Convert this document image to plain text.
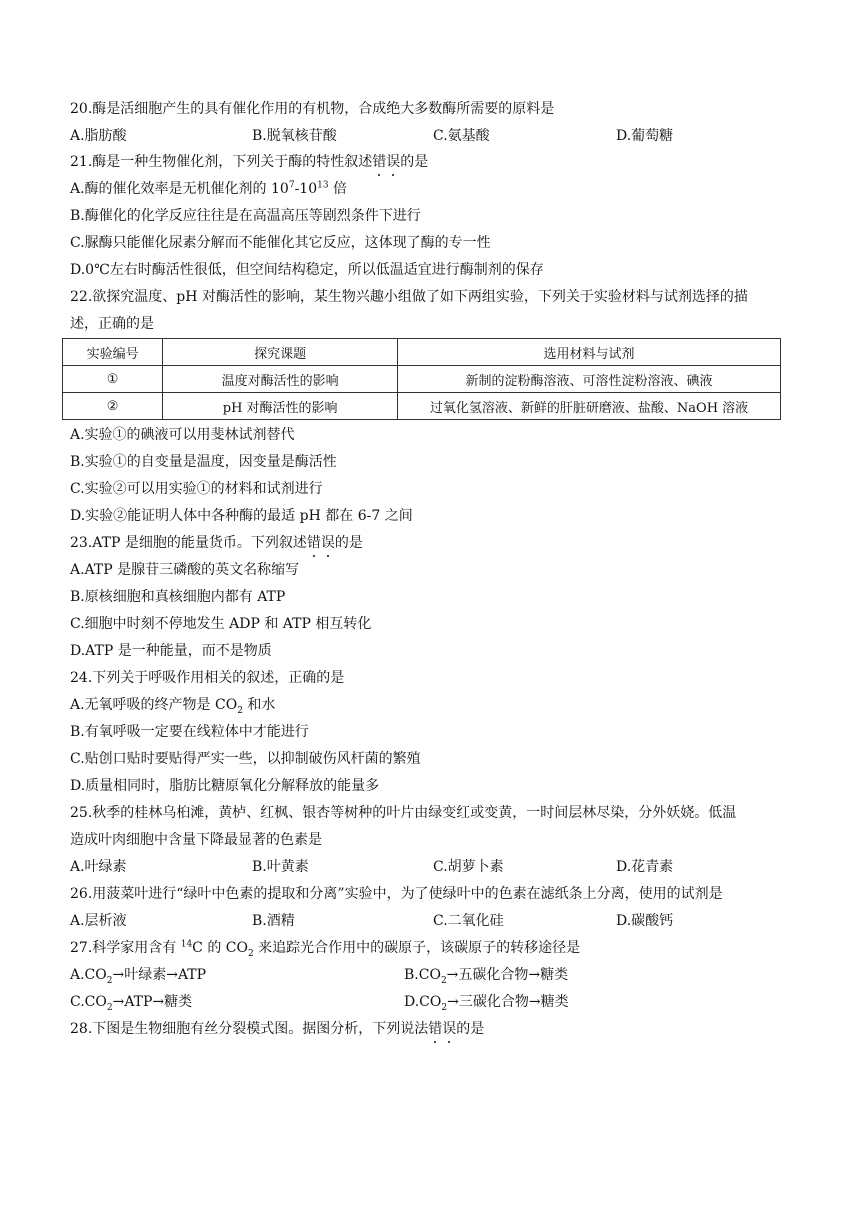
20.酶是活细胞产生的具有催化作用的有机物，合成绝大多数酶所需要的原料是
A.脂肪酸	B.脱氧核苷酸	C.氨基酸	D.葡萄糖
21.酶是一种生物催化剂，下列关于酶的特性叙述错误的是
A.酶的催化效率是无机催化剂的 $10^7-10^{13}$ 倍
B.酶催化的化学反应往往是在高温高压等剧烈条件下进行
C.脲酶只能催化尿素分解而不能催化其它反应，这体现了酶的专一性
D.0℃左右时酶活性很低，但空间结构稳定，所以低温适宜进行酶制剂的保存
22.欲探究温度、pH 对酶活性的影响，某生物兴趣小组做了如下两组实验，下列关于实验材料与试剂选择的描
述，正确的是
实验编号	探究课题	选用材料与试剂
①	温度对酶活性的影响	新制的淀粉酶溶液、可溶性淀粉溶液、碘液
②	pH 对酶活性的影响	过氧化氢溶液、新鲜的肝脏研磨液、盐酸、NaOH 溶液
A.实验①的碘液可以用斐林试剂替代
B.实验①的自变量是温度，因变量是酶活性
C.实验②可以用实验①的材料和试剂进行
D.实验②能证明人体中各种酶的最适 pH 都在 6-7 之间
23.ATP 是细胞的能量货币。下列叙述错误的是
A.ATP 是腺苷三磷酸的英文名称缩写
B.原核细胞和真核细胞内都有 ATP
C.细胞中时刻不停地发生 ADP 和 ATP 相互转化
D.ATP 是一种能量，而不是物质
24.下列关于呼吸作用相关的叙述，正确的是
A.无氧呼吸的终产物是 $CO_2$ 和水
B.有氧呼吸一定要在线粒体中才能进行
C.贴创口贴时要贴得严实一些，以抑制破伤风杆菌的繁殖
D.质量相同时，脂肪比糖原氧化分解释放的能量多
25.秋季的桂林乌桕滩，黄栌、红枫、银杏等树种的叶片由绿变红或变黄，一时间层林尽染，分外妖娆。低温
造成叶肉细胞中含量下降最显著的色素是
A.叶绿素	B.叶黄素	C.胡萝卜素	D.花青素
26.用菠菜叶进行“绿叶中色素的提取和分离”实验中，为了使绿叶中的色素在滤纸条上分离，使用的试剂是
A.层析液	B.酒精	C.二氧化硅	D.碳酸钙
27.科学家用含有 $^{14}$C 的 $CO_2$ 来追踪光合作用中的碳原子，该碳原子的转移途径是
$A.CO_2\to$叶绿素→ATP	$B.CO_2\to$五碳化合物→糖类
$C.CO_2\to ATP\to$糖类	$D.CO_2\to$三碳化合物→糖类
28.下图是生物细胞有丝分裂模式图。据图分析，下列说法错误的是
